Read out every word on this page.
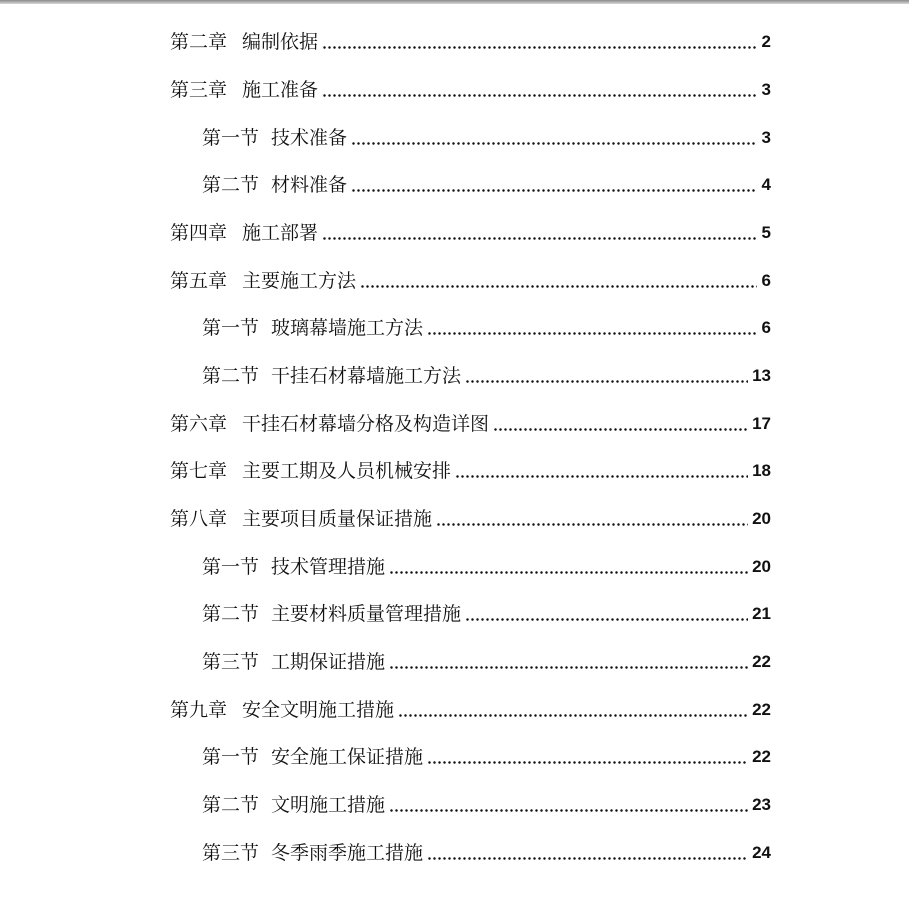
第二章 编制依据	2
第三章 施工准备	3
第一节 技术准备	3
第二节 材料准备	4
第四章 施工部署	5
第五章 主要施工方法	6
第一节 玻璃幕墙施工方法	6
第二节 干挂石材幕墙施工方法	13
第六章 干挂石材幕墙分格及构造详图	17
第七章 主要工期及人员机械安排	18
第八章 主要项目质量保证措施	20
第一节 技术管理措施	20
第二节 主要材料质量管理措施	21
第三节 工期保证措施	22
第九章 安全文明施工措施	22
第一节 安全施工保证措施	22
第二节 文明施工措施	23
第三节 冬季雨季施工措施	24
